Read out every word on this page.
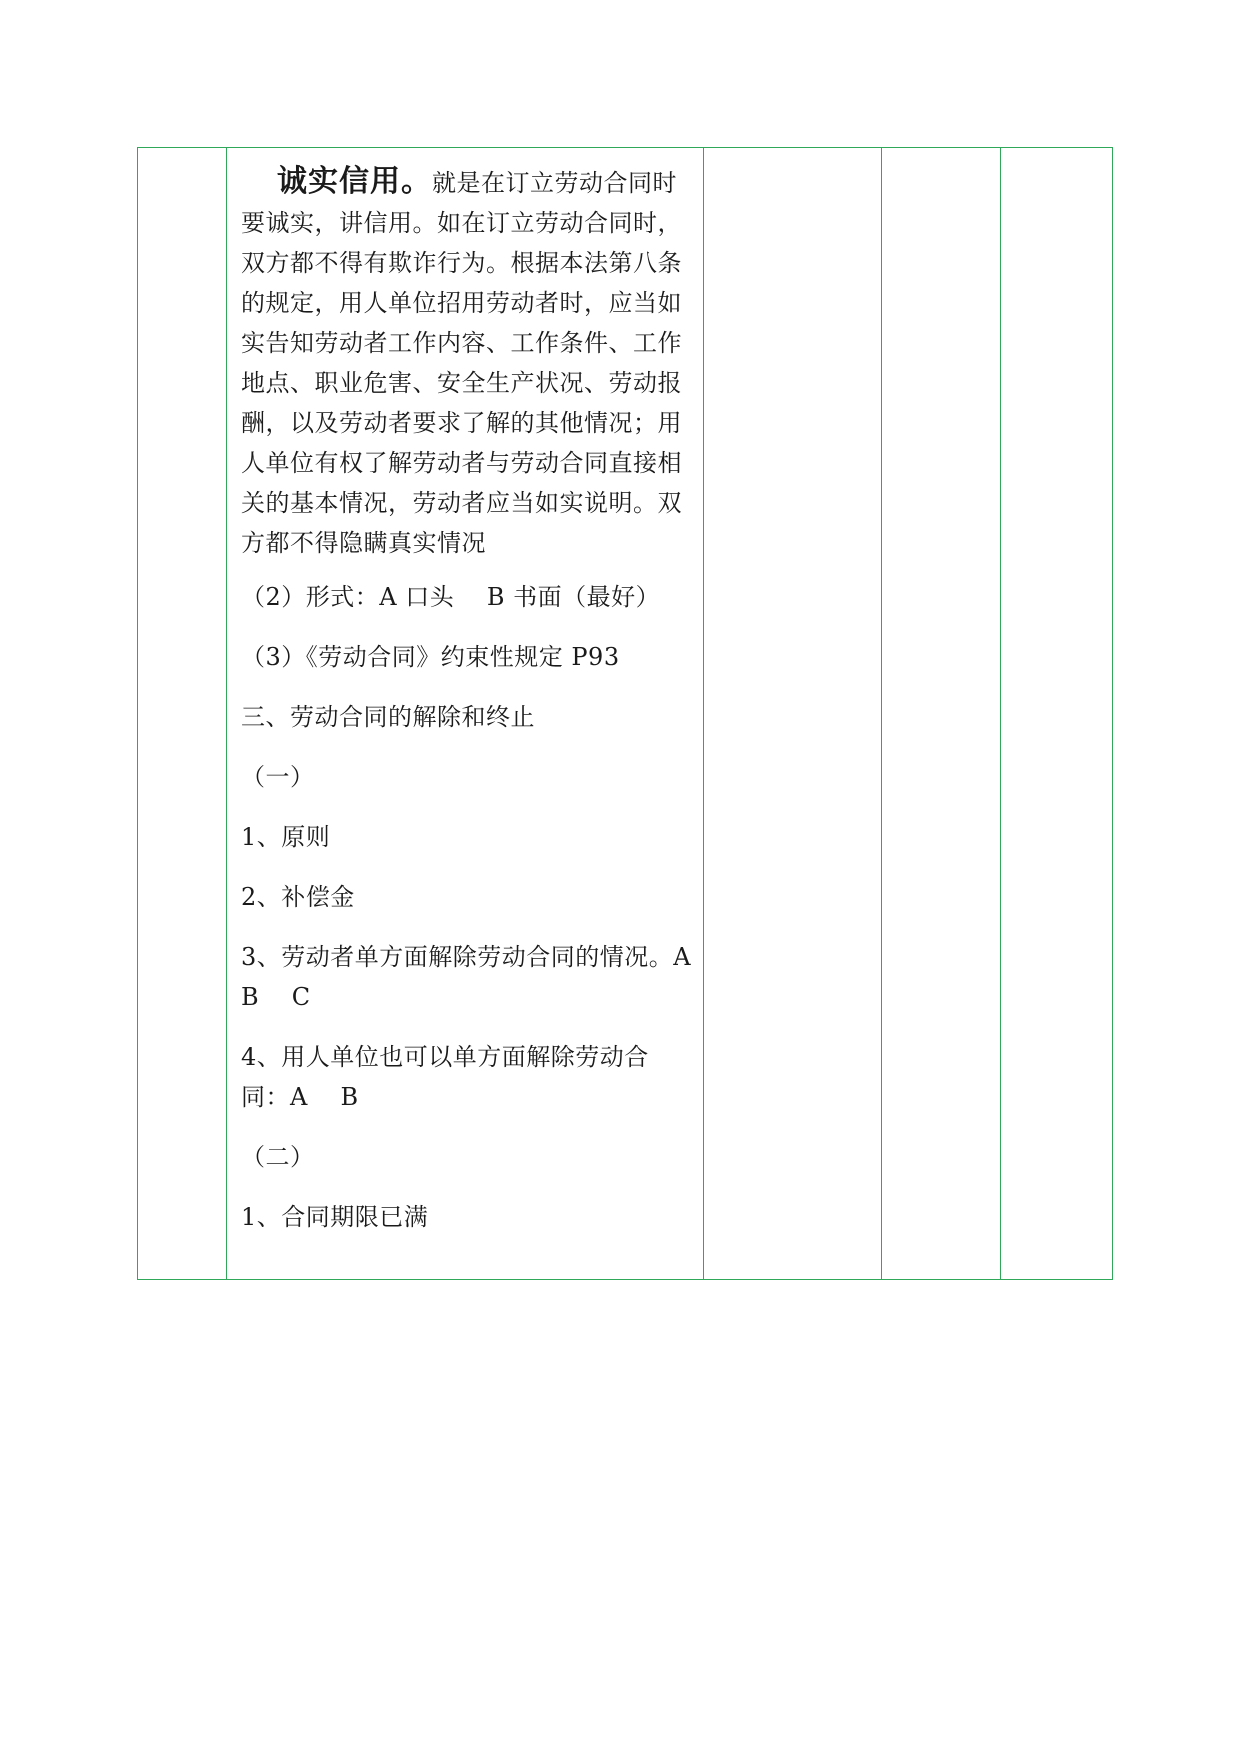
诚实信用。就是在订立劳动合同时要诚实，讲信用。如在订立劳动合同时，双方都不得有欺诈行为。根据本法第八条的规定，用人单位招用劳动者时，应当如实告知劳动者工作内容、工作条件、工作地点、职业危害、安全生产状况、劳动报酬，以及劳动者要求了解的其他情况；用人单位有权了解劳动者与劳动合同直接相关的基本情况，劳动者应当如实说明。双方都不得隐瞒真实情况

（2）形式：A 口头　 B 书面（最好）

（3）《劳动合同》约束性规定 P93

三、劳动合同的解除和终止

（一）

1、原则

2、补偿金

3、劳动者单方面解除劳动合同的情况。A　B　 C

4、用人单位也可以单方面解除劳动合同：A　 B

（二）

1、合同期限已满
